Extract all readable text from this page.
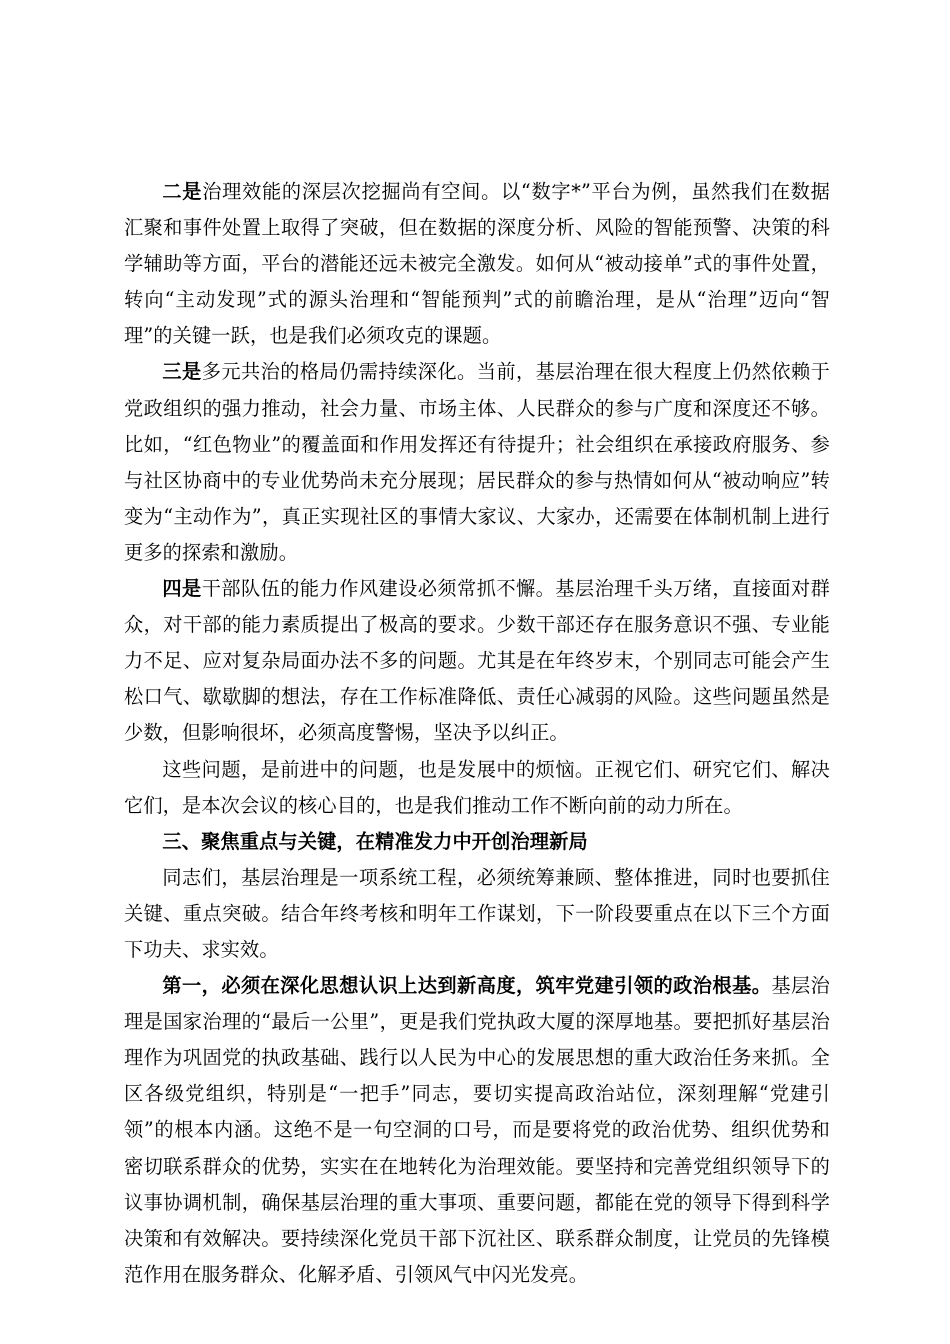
二是治理效能的深层次挖掘尚有空间。以“数字*”平台为例，虽然我们在数据汇聚和事件处置上取得了突破，但在数据的深度分析、风险的智能预警、决策的科学辅助等方面，平台的潜能还远未被完全激发。如何从“被动接单”式的事件处置，转向“主动发现”式的源头治理和“智能预判”式的前瞻治理，是从“治理”迈向“智理”的关键一跃，也是我们必须攻克的课题。

三是多元共治的格局仍需持续深化。当前，基层治理在很大程度上仍然依赖于党政组织的强力推动，社会力量、市场主体、人民群众的参与广度和深度还不够。比如，“红色物业”的覆盖面和作用发挥还有待提升；社会组织在承接政府服务、参与社区协商中的专业优势尚未充分展现；居民群众的参与热情如何从“被动响应”转变为“主动作为”，真正实现社区的事情大家议、大家办，还需要在体制机制上进行更多的探索和激励。

四是干部队伍的能力作风建设必须常抓不懈。基层治理千头万绪，直接面对群众，对干部的能力素质提出了极高的要求。少数干部还存在服务意识不强、专业能力不足、应对复杂局面办法不多的问题。尤其是在年终岁末，个别同志可能会产生松口气、歇歇脚的想法，存在工作标准降低、责任心减弱的风险。这些问题虽然是少数，但影响很坏，必须高度警惕，坚决予以纠正。

这些问题，是前进中的问题，也是发展中的烦恼。正视它们、研究它们、解决它们，是本次会议的核心目的，也是我们推动工作不断向前的动力所在。

三、聚焦重点与关键，在精准发力中开创治理新局

同志们，基层治理是一项系统工程，必须统筹兼顾、整体推进，同时也要抓住关键、重点突破。结合年终考核和明年工作谋划，下一阶段要重点在以下三个方面下功夫、求实效。

第一，必须在深化思想认识上达到新高度，筑牢党建引领的政治根基。基层治理是国家治理的“最后一公里”，更是我们党执政大厦的深厚地基。要把抓好基层治理作为巩固党的执政基础、践行以人民为中心的发展思想的重大政治任务来抓。全区各级党组织，特别是“一把手”同志，要切实提高政治站位，深刻理解“党建引领”的根本内涵。这绝不是一句空洞的口号，而是要将党的政治优势、组织优势和密切联系群众的优势，实实在在地转化为治理效能。要坚持和完善党组织领导下的议事协调机制，确保基层治理的重大事项、重要问题，都能在党的领导下得到科学决策和有效解决。要持续深化党员干部下沉社区、联系群众制度，让党员的先锋模范作用在服务群众、化解矛盾、引领风气中闪光发亮。
